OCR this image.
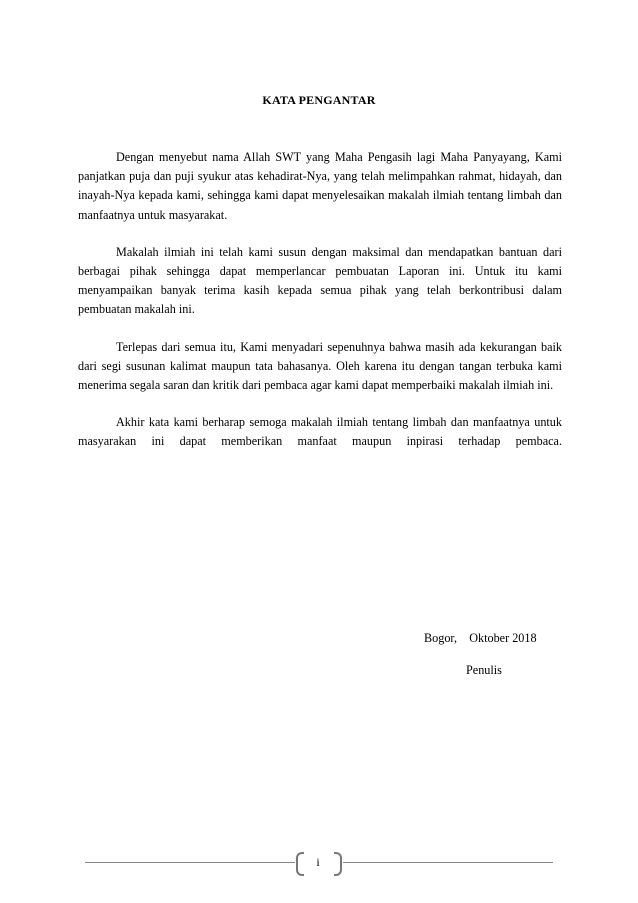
KATA PENGANTAR

Dengan menyebut nama Allah SWT yang Maha Pengasih lagi Maha Panyayang, Kami panjatkan puja dan puji syukur atas kehadirat-Nya, yang telah melimpahkan rahmat, hidayah, dan inayah-Nya kepada kami, sehingga kami dapat menyelesaikan makalah ilmiah tentang limbah dan manfaatnya untuk masyarakat.

Makalah ilmiah ini telah kami susun dengan maksimal dan mendapatkan bantuan dari berbagai pihak sehingga dapat memperlancar pembuatan Laporan ini. Untuk itu kami menyampaikan banyak terima kasih kepada semua pihak yang telah berkontribusi dalam pembuatan makalah ini.

Terlepas dari semua itu, Kami menyadari sepenuhnya bahwa masih ada kekurangan baik dari segi susunan kalimat maupun tata bahasanya. Oleh karena itu dengan tangan terbuka kami menerima segala saran dan kritik dari pembaca agar kami dapat memperbaiki makalah ilmiah ini.

Akhir kata kami berharap semoga makalah ilmiah tentang limbah dan manfaatnya untuk masyarakan ini dapat memberikan manfaat maupun inpirasi terhadap pembaca.

Bogor,    Oktober 2018
Penulis
i
